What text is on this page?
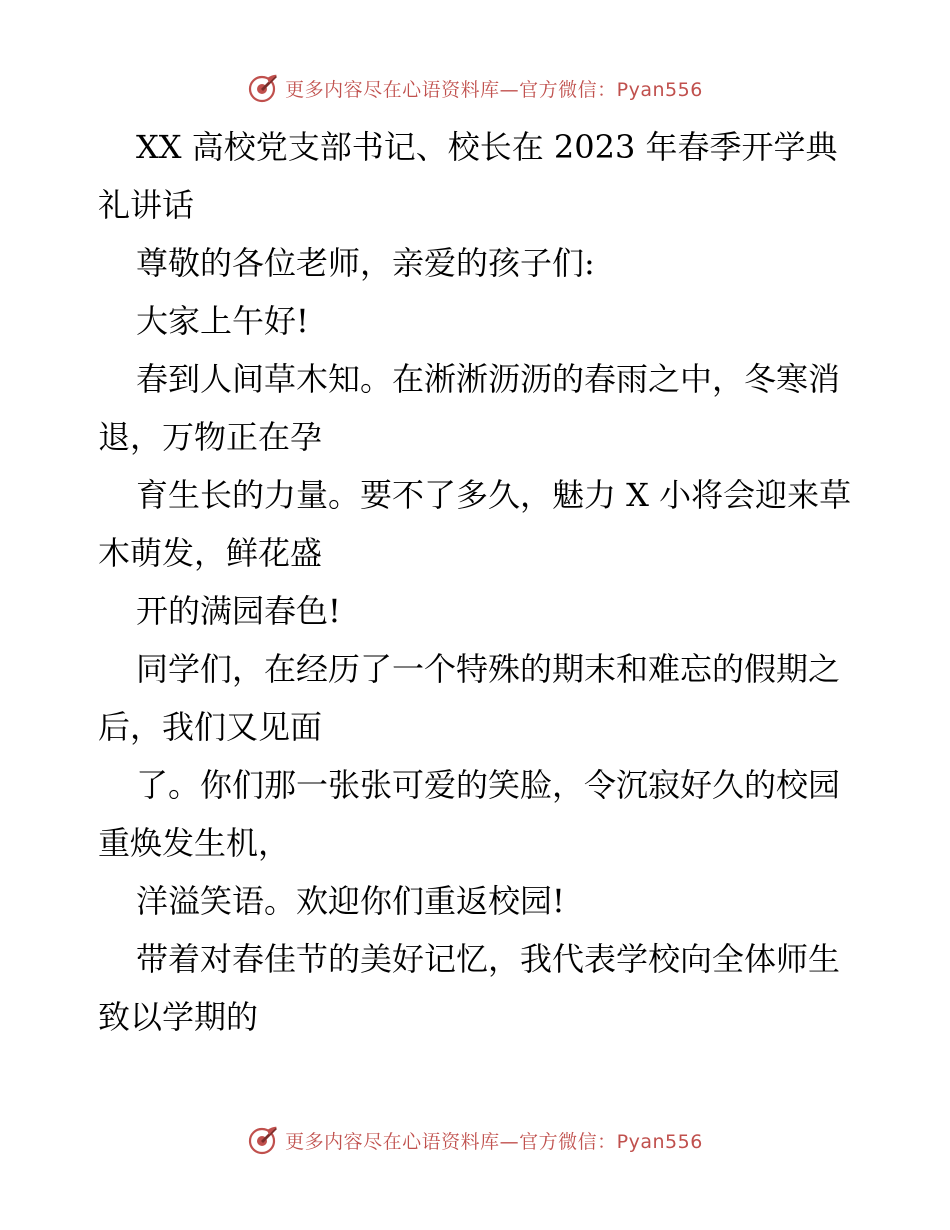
更多内容尽在心语资料库—官方微信：Pyan556

XX 高校党支部书记、校长在 2023 年春季开学典礼讲话

尊敬的各位老师，亲爱的孩子们:

大家上午好!

春到人间草木知。在淅淅沥沥的春雨之中，冬寒消退，万物正在孕

育生长的力量。要不了多久，魅力 X 小将会迎来草木萌发，鲜花盛

开的满园春色!

同学们，在经历了一个特殊的期末和难忘的假期之后，我们又见面

了。你们那一张张可爱的笑脸，令沉寂好久的校园重焕发生机，

洋溢笑语。欢迎你们重返校园!

带着对春佳节的美好记忆，我代表学校向全体师生致以学期的

更多内容尽在心语资料库—官方微信：Pyan556
